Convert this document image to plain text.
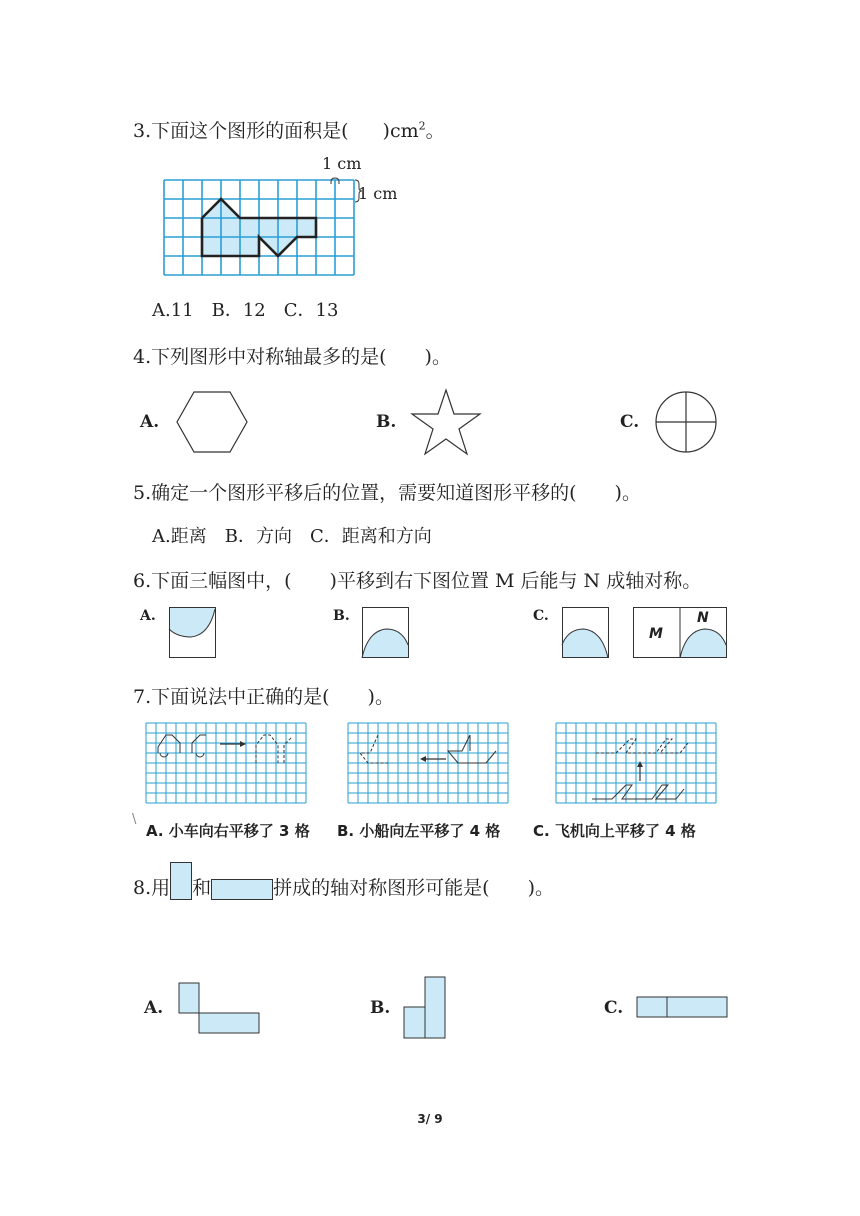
3.下面这个图形的面积是( )$cm^2$。
1 cm
1 cm
A.11　B．12　C．13
4.下列图形中对称轴最多的是(　　)。
A.	B.	C.
5.确定一个图形平移后的位置，需要知道图形平移的(　　)。
A.距离　B．方向　C．距离和方向
6.下面三幅图中，(　　)平移到右下图位置 M 后能与 N 成轴对称。
A.	B.	C.
M
N
7.下面说法中正确的是(　　)。
\
A. 小车向右平移了 3 格 B. 小船向左平移了 4 格 C. 飞机向上平移了 4 格
8.用 和	拼成的轴对称图形可能是(　　)。
A.	B.	C.
3/ 9
